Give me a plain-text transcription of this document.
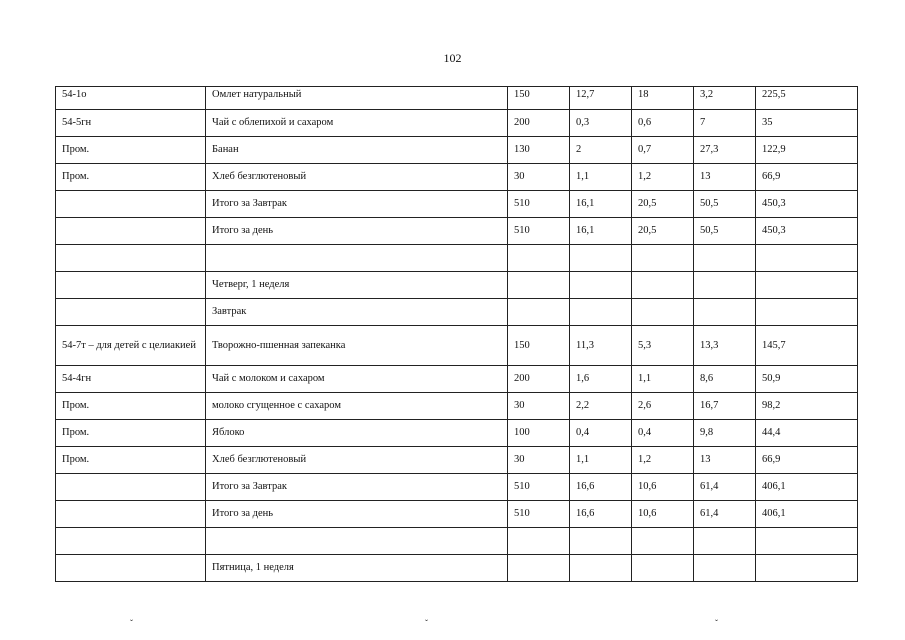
102
54-1о	Омлет натуральный	150	12,7	18	3,2	225,5
54-5гн	Чай с облепихой и сахаром	200	0,3	0,6	7	35
Пром.	Банан	130	2	0,7	27,3	122,9
Пром.	Хлеб безглютеновый	30	1,1	1,2	13	66,9
	Итого за Завтрак	510	16,1	20,5	50,5	450,3
	Итого за день	510	16,1	20,5	50,5	450,3

	Четверг, 1 неделя					
	Завтрак					
54-7т – для детей с целиакией	Творожно-пшенная запеканка	150	11,3	5,3	13,3	145,7
54-4гн	Чай с молоком и сахаром	200	1,6	1,1	8,6	50,9
Пром.	молоко сгущенное с сахаром	30	2,2	2,6	16,7	98,2
Пром.	Яблоко	100	0,4	0,4	9,8	44,4
Пром.	Хлеб безглютеновый	30	1,1	1,2	13	66,9
	Итого за Завтрак	510	16,6	10,6	61,4	406,1
	Итого за день	510	16,6	10,6	61,4	406,1

	Пятница, 1 неделя					
ˇ	ˇ	ˇ
